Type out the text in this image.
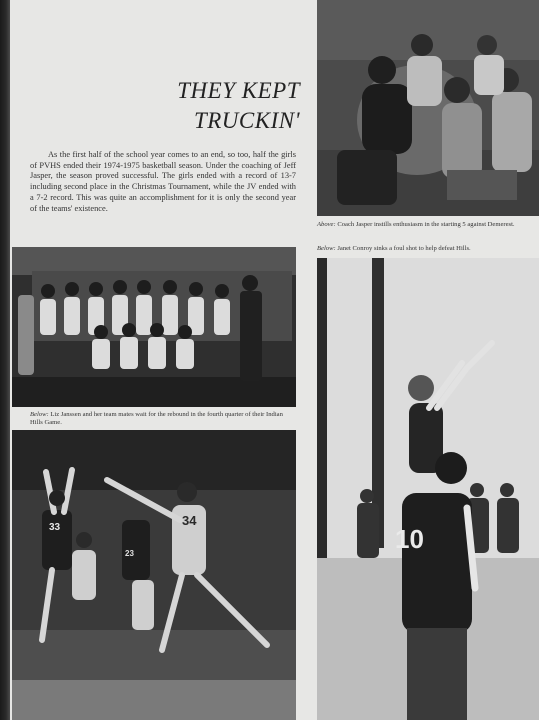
THEY KEPT
TRUCKIN'
As the first half of the school year comes to an end, so too, half the girls of PVHS ended their 1974-1975 basketball season. Under the coaching of Jeff Jasper, the season proved successful. The girls ended with a record of 13-7 including second place in the Christmas Tournament, while the JV ended with a 7-2 record. This was quite an accomplishment for it is only the second year of the teams' existence.
Above: Coach Jasper instills enthusiasm in the starting 5 against Demerest.
Below: Janet Conroy sinks a foul shot to help defeat Hills.
Below: Liz Janssen and her team mates wait for the rebound in the fourth quarter of their Indian Hills Game.
33	34
23	10
